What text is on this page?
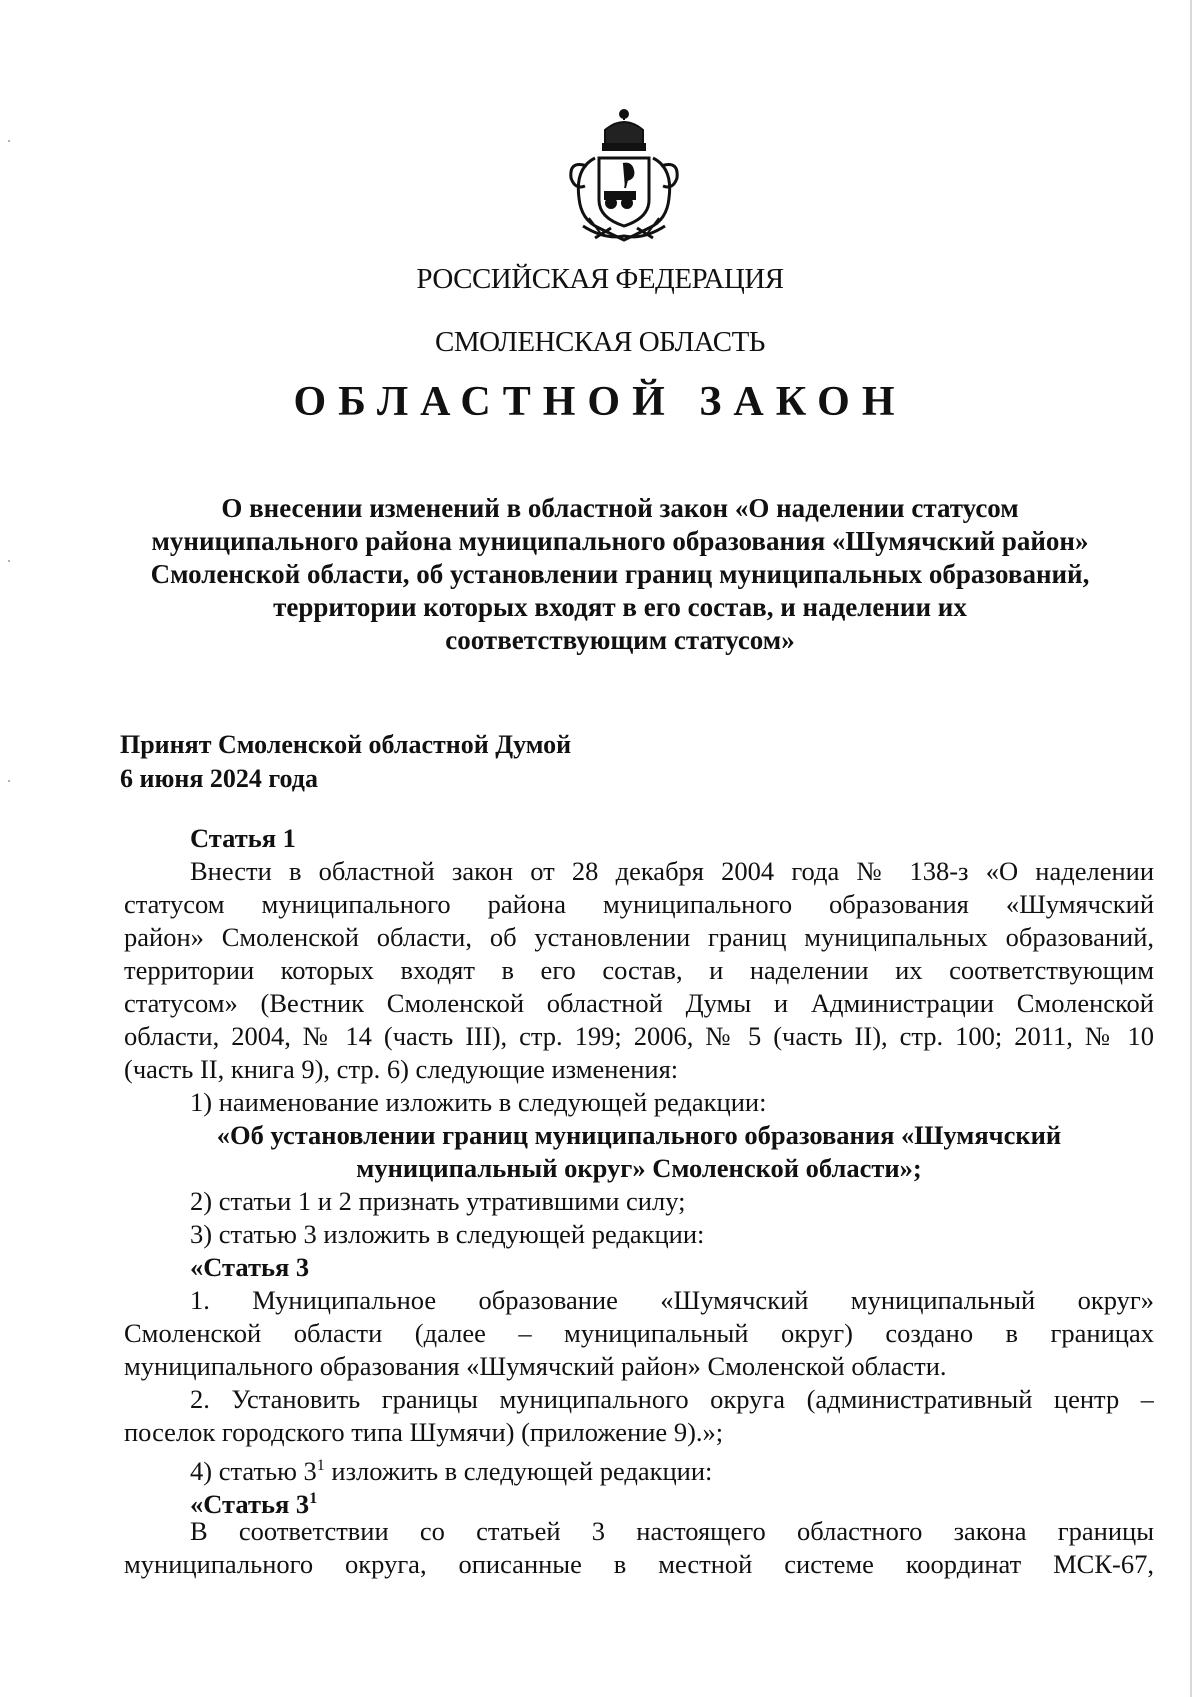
РОССИЙСКАЯ ФЕДЕРАЦИЯ
СМОЛЕНСКАЯ ОБЛАСТЬ
ОБЛАСТНОЙ ЗАКОН
О внесении изменений в областной закон «О наделении статусом
муниципального района муниципального образования «Шумячский район»
Смоленской области, об установлении границ муниципальных образований,
территории которых входят в его состав, и наделении их
соответствующим статусом»
Принят Смоленской областной Думой
6 июня 2024 года
Статья 1
Внести в областной закон от 28 декабря 2004 года № 138-з «О наделении
статусом муниципального района муниципального образования «Шумячский
район» Смоленской области, об установлении границ муниципальных образований,
территории которых входят в его состав, и наделении их соответствующим
статусом» (Вестник Смоленской областной Думы и Администрации Смоленской
области, 2004, № 14 (часть III), стр. 199; 2006, № 5 (часть II), стр. 100; 2011, № 10
(часть II, книга 9), стр. 6) следующие изменения:
1) наименование изложить в следующей редакции:
«Об установлении границ муниципального образования «Шумячский
муниципальный округ» Смоленской области»;
2) статьи 1 и 2 признать утратившими силу;
3) статью 3 изложить в следующей редакции:
«Статья 3
1. Муниципальное образование «Шумячский муниципальный округ»
Смоленской области (далее – муниципальный округ) создано в границах
муниципального образования «Шумячский район» Смоленской области.
2. Установить границы муниципального округа (административный центр –
поселок городского типа Шумячи) (приложение 9).»;
4) статью $3^1$ изложить в следующей редакции:
«Статья $3^1$
В соответствии со статьей 3 настоящего областного закона границы
муниципального округа, описанные в местной системе координат МСК-67,
